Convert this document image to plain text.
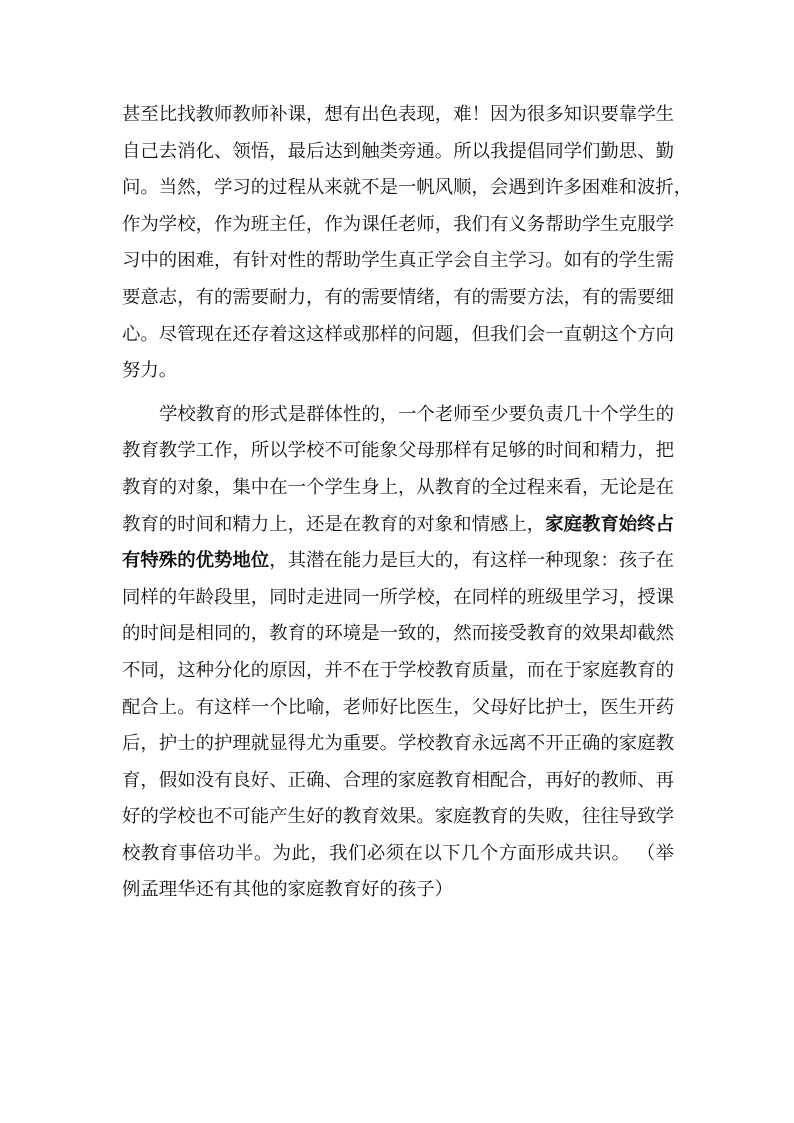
甚至比找教师教师补课，想有出色表现，难！因为很多知识要靠学生
自己去消化、领悟，最后达到触类旁通。所以我提倡同学们勤思、勤
问。当然，学习的过程从来就不是一帆风顺，会遇到许多困难和波折，
作为学校，作为班主任，作为课任老师，我们有义务帮助学生克服学
习中的困难，有针对性的帮助学生真正学会自主学习。如有的学生需
要意志，有的需要耐力，有的需要情绪，有的需要方法，有的需要细
心。尽管现在还存着这这样或那样的问题，但我们会一直朝这个方向
努力。

学校教育的形式是群体性的，一个老师至少要负责几十个学生的
教育教学工作，所以学校不可能象父母那样有足够的时间和精力，把
教育的对象，集中在一个学生身上，从教育的全过程来看，无论是在
教育的时间和精力上，还是在教育的对象和情感上，家庭教育始终占
有特殊的优势地位，其潜在能力是巨大的，有这样一种现象：孩子在
同样的年龄段里，同时走进同一所学校，在同样的班级里学习，授课
的时间是相同的，教育的环境是一致的，然而接受教育的效果却截然
不同，这种分化的原因，并不在于学校教育质量，而在于家庭教育的
配合上。有这样一个比喻，老师好比医生，父母好比护士，医生开药
后，护士的护理就显得尤为重要。学校教育永远离不开正确的家庭教
育，假如没有良好、正确、合理的家庭教育相配合，再好的教师、再
好的学校也不可能产生好的教育效果。家庭教育的失败，往往导致学
校教育事倍功半。为此，我们必须在以下几个方面形成共识。 （举
例孟理华还有其他的家庭教育好的孩子）
